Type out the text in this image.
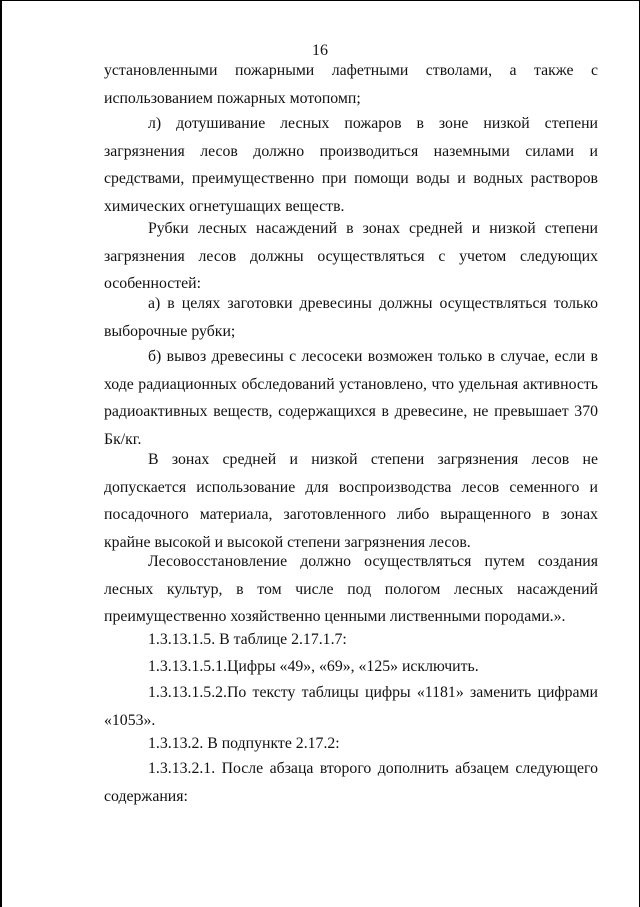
16

установленными пожарными лафетными стволами, а также с использованием пожарных мотопомп;

л) дотушивание лесных пожаров в зоне низкой степени загрязнения лесов должно производиться наземными силами и средствами, преимущественно при помощи воды и водных растворов химических огнетушащих веществ.

Рубки лесных насаждений в зонах средней и низкой степени загрязнения лесов должны осуществляться с учетом следующих особенностей:

а) в целях заготовки древесины должны осуществляться только выборочные рубки;

б) вывоз древесины с лесосеки возможен только в случае, если в ходе радиационных обследований установлено, что удельная активность радиоактивных веществ, содержащихся в древесине, не превышает 370 Бк/кг.

В зонах средней и низкой степени загрязнения лесов не допускается использование для воспроизводства лесов семенного и посадочного материала, заготовленного либо выращенного в зонах крайне высокой и высокой степени загрязнения лесов.

Лесовосстановление должно осуществляться путем создания лесных культур, в том числе под пологом лесных насаждений преимущественно хозяйственно ценными лиственными породами.».

1.3.13.1.5. В таблице 2.17.1.7:

1.3.13.1.5.1.Цифры «49», «69», «125» исключить.

1.3.13.1.5.2.По тексту таблицы цифры «1181» заменить цифрами «1053».

1.3.13.2. В подпункте 2.17.2:

1.3.13.2.1. После абзаца второго дополнить абзацем следующего содержания:
